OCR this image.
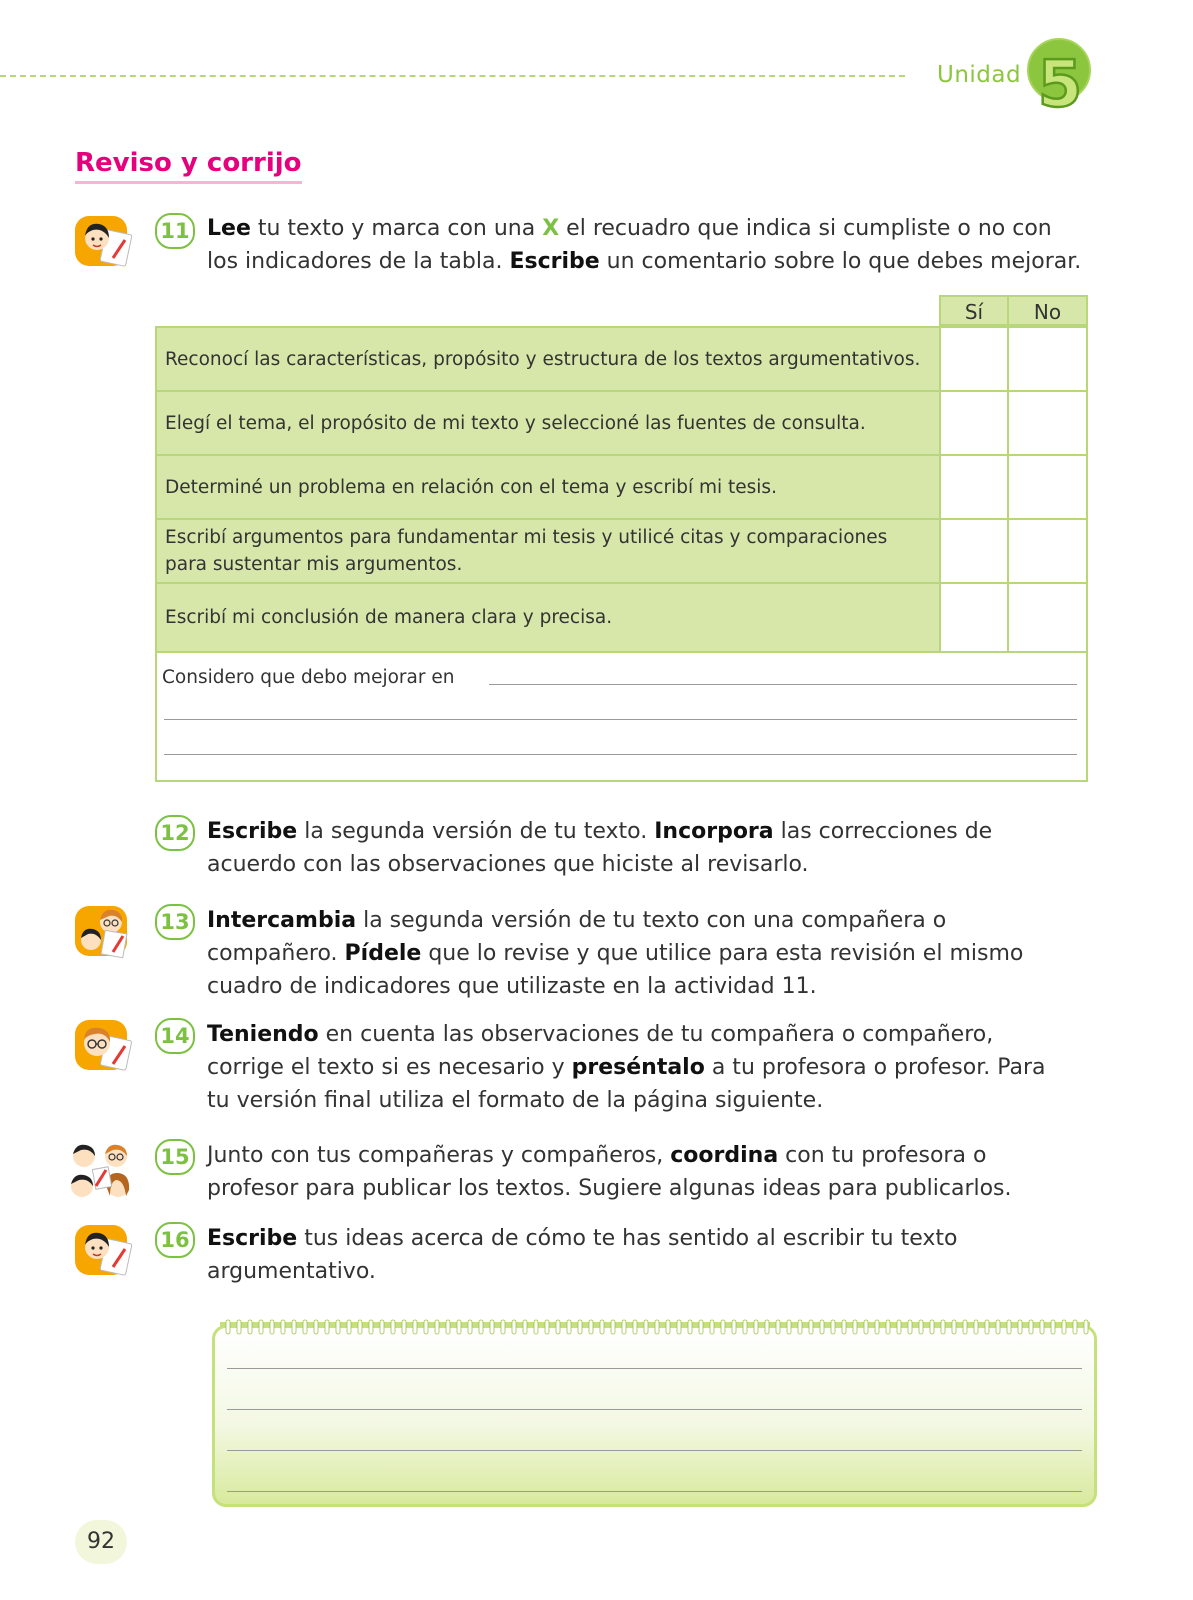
Unidad 5
Reviso y corrijo
11 Lee tu texto y marca con una X el recuadro que indica si cumpliste o no con los indicadores de la tabla. Escribe un comentario sobre lo que debes mejorar.
Sí	No
Reconocí las características, propósito y estructura de los textos argumentativos.
Elegí el tema, el propósito de mi texto y seleccioné las fuentes de consulta.
Determiné un problema en relación con el tema y escribí mi tesis.
Escribí argumentos para fundamentar mi tesis y utilicé citas y comparaciones para sustentar mis argumentos.
Escribí mi conclusión de manera clara y precisa.
Considero que debo mejorar en
12 Escribe la segunda versión de tu texto. Incorpora las correcciones de acuerdo con las observaciones que hiciste al revisarlo.
13 Intercambia la segunda versión de tu texto con una compañera o compañero. Pídele que lo revise y que utilice para esta revisión el mismo cuadro de indicadores que utilizaste en la actividad 11.
14 Teniendo en cuenta las observaciones de tu compañera o compañero, corrige el texto si es necesario y preséntalo a tu profesora o profesor. Para tu versión final utiliza el formato de la página siguiente.
15 Junto con tus compañeras y compañeros, coordina con tu profesora o profesor para publicar los textos. Sugiere algunas ideas para publicarlos.
16 Escribe tus ideas acerca de cómo te has sentido al escribir tu texto argumentativo.
92
